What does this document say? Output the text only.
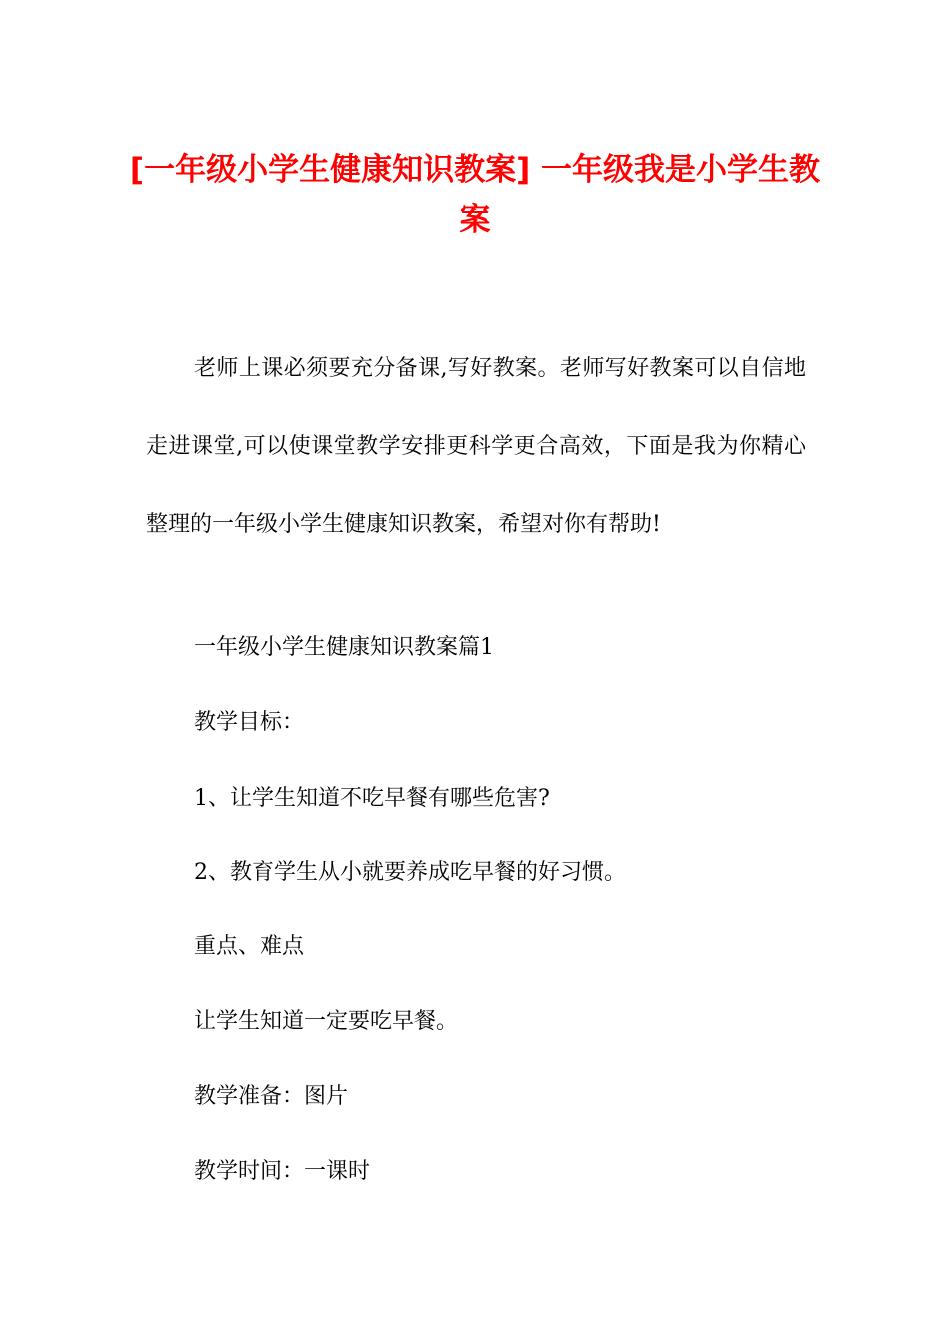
[一年级小学生健康知识教案] 一年级我是小学生教案

老师上课必须要充分备课,写好教案。老师写好教案可以自信地走进课堂,可以使课堂教学安排更科学更合高效，下面是我为你精心整理的一年级小学生健康知识教案，希望对你有帮助!

一年级小学生健康知识教案篇1

教学目标：

1、让学生知道不吃早餐有哪些危害?

2、教育学生从小就要养成吃早餐的好习惯。

重点、难点

让学生知道一定要吃早餐。

教学准备：图片

教学时间：一课时
